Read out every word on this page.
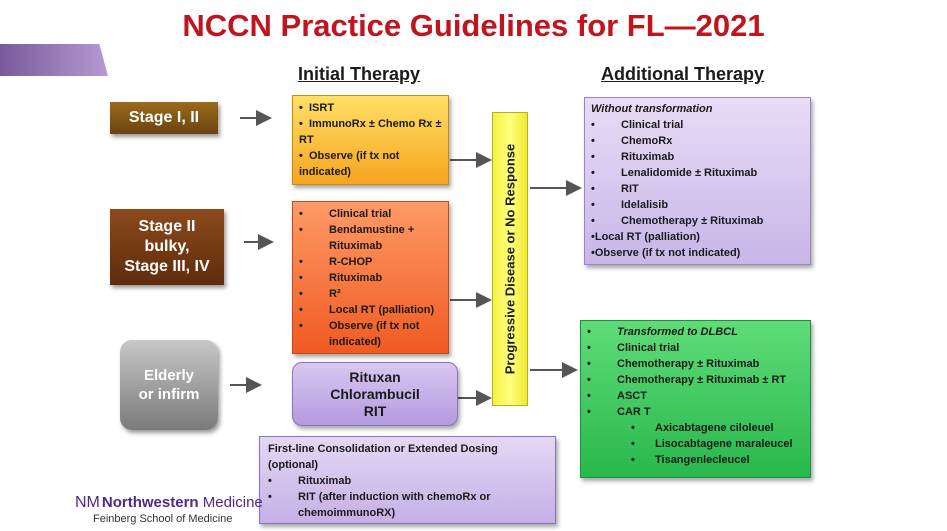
NCCN Practice Guidelines for FL—2021
Initial Therapy	Additional Therapy
Stage I, II
Stage II
bulky,
Stage III, IV
Elderly
or infirm
• ISRT
• ImmunoRx ± Chemo Rx ± RT
• Observe (if tx not indicated)
• Clinical trial
• Bendamustine + Rituximab
• R-CHOP
• Rituximab
• R²
• Local RT (palliation)
• Observe (if tx not indicated)
Rituxan
Chlorambucil
RIT
First-line Consolidation or Extended Dosing (optional)
• Rituximab
• RIT (after induction with chemoRx or chemoimmunoRX)
Progressive Disease or No Response
Without transformation
• Clinical trial
• ChemoRx
• Rituximab
• Lenalidomide ± Rituximab
• RIT
• Idelalisib
• Chemotherapy ± Rituximab
•Local RT (palliation)
•Observe (if tx not indicated)
• Transformed to DLBCL
• Clinical trial
• Chemotherapy ± Rituximab
• Chemotherapy ± Rituximab ± RT
• ASCT
• CAR T
• Axicabtagene ciloleuel
• Lisocabtagene maraleucel
• Tisangenlecleucel
ΝΜ Northwestern Medicine
Feinberg School of Medicine
